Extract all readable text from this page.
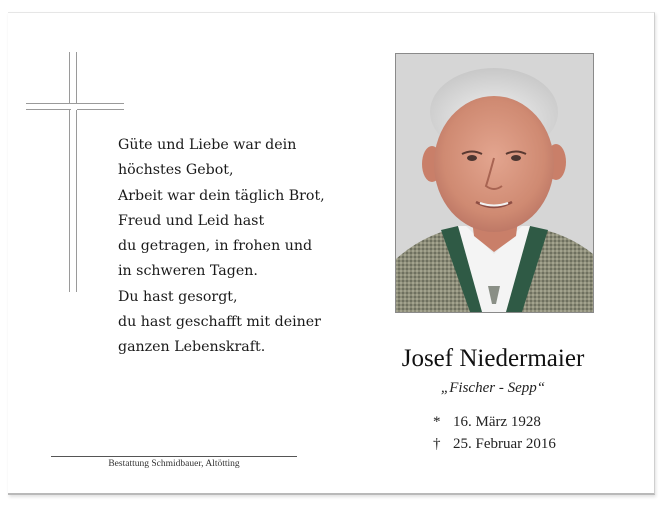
Güte und Liebe war dein
höchstes Gebot,
Arbeit war dein täglich Brot,
Freud und Leid hast
du getragen, in frohen und
in schweren Tagen.
Du hast gesorgt,
du hast geschafft mit deiner
ganzen Lebenskraft.	Josef Niedermaier
„Fischer - Sepp“
* 16. März 1928
† 25. Februar 2016
Bestattung Schmidbauer, Altötting
